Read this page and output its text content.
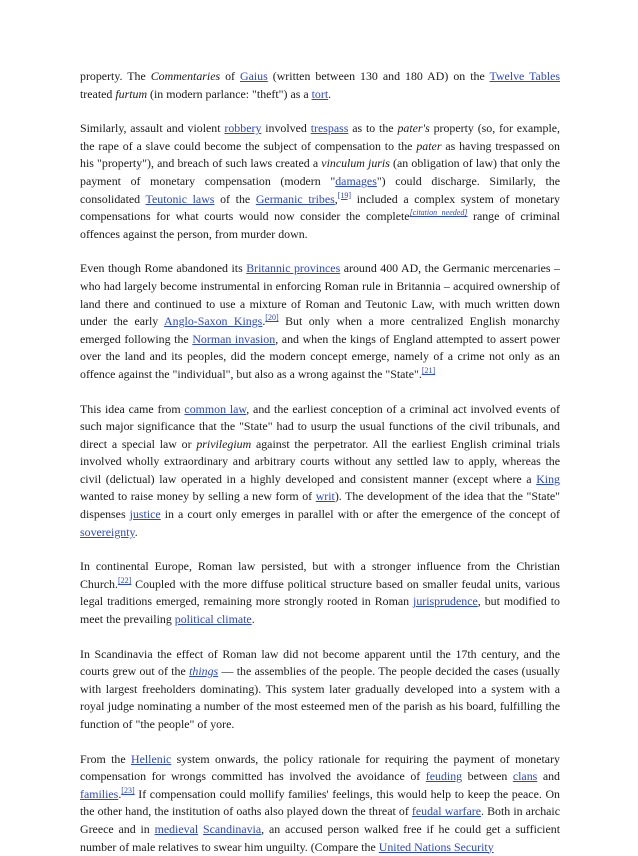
property. The Commentaries of Gaius (written between 130 and 180 AD) on the Twelve Tables treated furtum (in modern parlance: "theft") as a tort.

Similarly, assault and violent robbery involved trespass as to the pater's property (so, for example, the rape of a slave could become the subject of compensation to the pater as having trespassed on his "property"), and breach of such laws created a vinculum juris (an obligation of law) that only the payment of monetary compensation (modern "damages") could discharge. Similarly, the consolidated Teutonic laws of the Germanic tribes,[19] included a complex system of monetary compensations for what courts would now consider the complete[citation needed] range of criminal offences against the person, from murder down.

Even though Rome abandoned its Britannic provinces around 400 AD, the Germanic mercenaries – who had largely become instrumental in enforcing Roman rule in Britannia – acquired ownership of land there and continued to use a mixture of Roman and Teutonic Law, with much written down under the early Anglo-Saxon Kings.[20] But only when a more centralized English monarchy emerged following the Norman invasion, and when the kings of England attempted to assert power over the land and its peoples, did the modern concept emerge, namely of a crime not only as an offence against the "individual", but also as a wrong against the "State".[21]

This idea came from common law, and the earliest conception of a criminal act involved events of such major significance that the "State" had to usurp the usual functions of the civil tribunals, and direct a special law or privilegium against the perpetrator. All the earliest English criminal trials involved wholly extraordinary and arbitrary courts without any settled law to apply, whereas the civil (delictual) law operated in a highly developed and consistent manner (except where a King wanted to raise money by selling a new form of writ). The development of the idea that the "State" dispenses justice in a court only emerges in parallel with or after the emergence of the concept of sovereignty.

In continental Europe, Roman law persisted, but with a stronger influence from the Christian Church.[22] Coupled with the more diffuse political structure based on smaller feudal units, various legal traditions emerged, remaining more strongly rooted in Roman jurisprudence, but modified to meet the prevailing political climate.

In Scandinavia the effect of Roman law did not become apparent until the 17th century, and the courts grew out of the things — the assemblies of the people. The people decided the cases (usually with largest freeholders dominating). This system later gradually developed into a system with a royal judge nominating a number of the most esteemed men of the parish as his board, fulfilling the function of "the people" of yore.

From the Hellenic system onwards, the policy rationale for requiring the payment of monetary compensation for wrongs committed has involved the avoidance of feuding between clans and families.[23] If compensation could mollify families' feelings, this would help to keep the peace. On the other hand, the institution of oaths also played down the threat of feudal warfare. Both in archaic Greece and in medieval Scandinavia, an accused person walked free if he could get a sufficient number of male relatives to swear him unguilty. (Compare the United Nations Security
